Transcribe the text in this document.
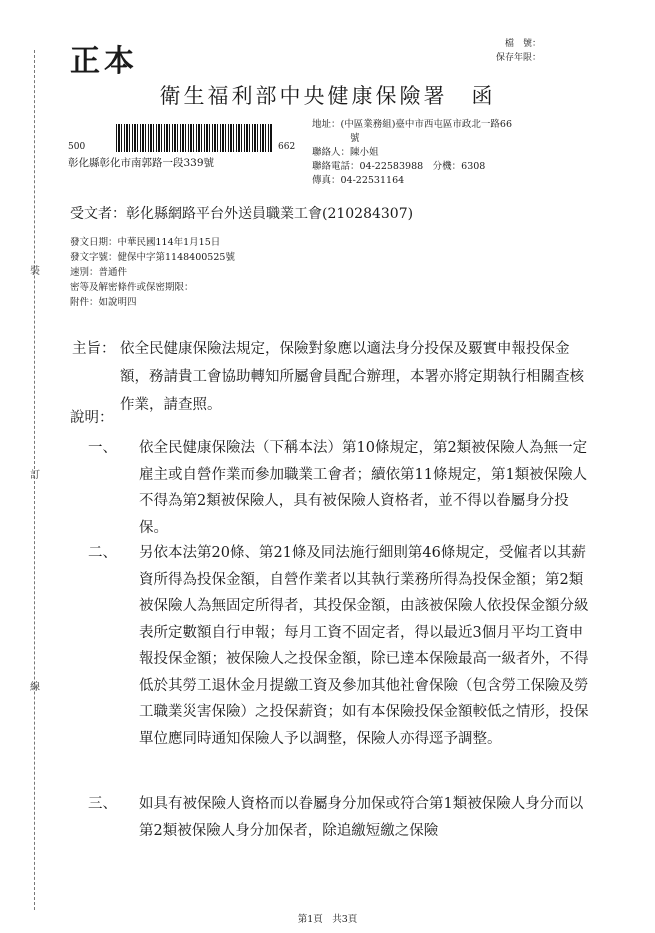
裝
訂
線
正本	檔　號：
保存年限：
衛生福利部中央健康保險署　函
500	662
彰化縣彰化市南郭路一段339號
地址：(中區業務組)臺中市西屯區市政北一路66
號
聯絡人：陳小姐
聯絡電話：04-22583988　分機：6308
傳真：04-22531164
受文者：彰化縣網路平台外送員職業工會(210284307)
發文日期：中華民國114年1月15日
發文字號：健保中字第1148400525號
速別：普通件
密等及解密條件或保密期限：
附件：如說明四
主旨： 依全民健康保險法規定，保險對象應以適法身分投保及覈實申報投保金額，務請貴工會協助轉知所屬會員配合辦理，本署亦將定期執行相關查核作業，請查照。
說明：
一、 依全民健康保險法（下稱本法）第10條規定，第2類被保險人為無一定雇主或自營作業而參加職業工會者；續依第11條規定，第1類被保險人不得為第2類被保險人，具有被保險人資格者，並不得以眷屬身分投保。
二、 另依本法第20條、第21條及同法施行細則第46條規定，受僱者以其薪資所得為投保金額，自營作業者以其執行業務所得為投保金額；第2類被保險人為無固定所得者，其投保金額，由該被保險人依投保金額分級表所定數額自行申報；每月工資不固定者，得以最近3個月平均工資申報投保金額；被保險人之投保金額，除已達本保險最高一級者外，不得低於其勞工退休金月提繳工資及參加其他社會保險（包含勞工保險及勞工職業災害保險）之投保薪資；如有本保險投保金額較低之情形，投保單位應同時通知保險人予以調整，保險人亦得逕予調整。
三、 如具有被保險人資格而以眷屬身分加保或符合第1類被保險人身分而以第2類被保險人身分加保者，除追繳短繳之保險
第1頁　共3頁
